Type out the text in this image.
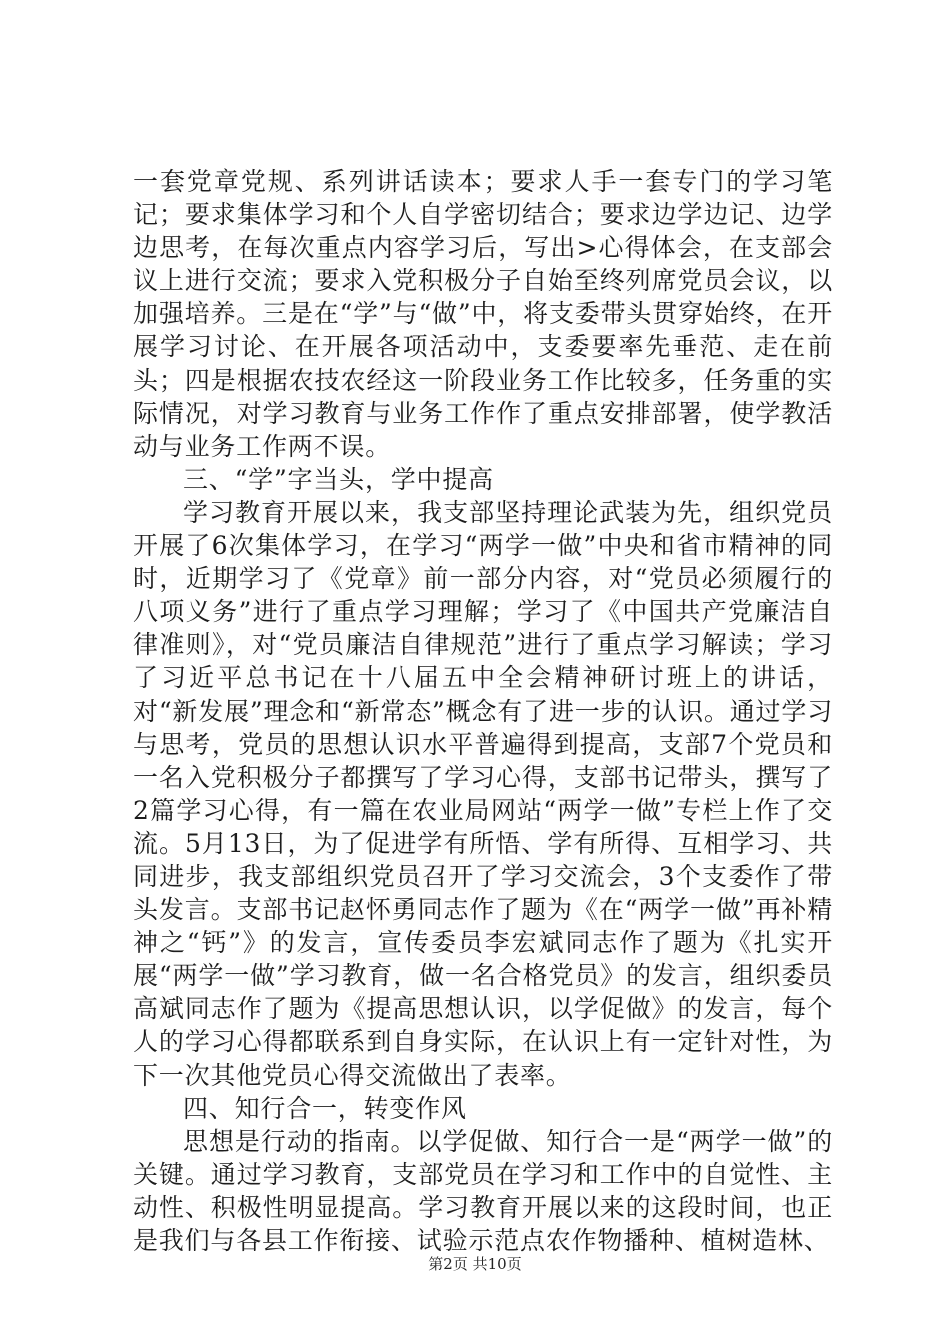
一套党章党规、系列讲话读本；要求人手一套专门的学习笔记；要求集体学习和个人自学密切结合；要求边学边记、边学边思考，在每次重点内容学习后，写出>心得体会，在支部会议上进行交流；要求入党积极分子自始至终列席党员会议，以加强培养。三是在“学”与“做”中，将支委带头贯穿始终，在开展学习讨论、在开展各项活动中，支委要率先垂范、走在前头；四是根据农技农经这一阶段业务工作比较多，任务重的实际情况，对学习教育与业务工作作了重点安排部署，使学教活动与业务工作两不误。

三、“学”字当头，学中提高

学习教育开展以来，我支部坚持理论武装为先，组织党员开展了6次集体学习，在学习“两学一做”中央和省市精神的同时，近期学习了《党章》前一部分内容，对“党员必须履行的八项义务”进行了重点学习理解；学习了《中国共产党廉洁自律准则》，对“党员廉洁自律规范”进行了重点学习解读；学习了习近平总书记在十八届五中全会精神研讨班上的讲话，对“新发展”理念和“新常态”概念有了进一步的认识。通过学习与思考，党员的思想认识水平普遍得到提高，支部7个党员和一名入党积极分子都撰写了学习心得，支部书记带头，撰写了2篇学习心得，有一篇在农业局网站“两学一做”专栏上作了交流。5月13日，为了促进学有所悟、学有所得、互相学习、共同进步，我支部组织党员召开了学习交流会，3个支委作了带头发言。支部书记赵怀勇同志作了题为《在“两学一做”再补精神之“钙”》的发言，宣传委员李宏斌同志作了题为《扎实开展“两学一做”学习教育，做一名合格党员》的发言，组织委员高斌同志作了题为《提高思想认识，以学促做》的发言，每个人的学习心得都联系到自身实际，在认识上有一定针对性，为下一次其他党员心得交流做出了表率。

四、知行合一，转变作风

思想是行动的指南。以学促做、知行合一是“两学一做”的关键。通过学习教育，支部党员在学习和工作中的自觉性、主动性、积极性明显提高。学习教育开展以来的这段时间，也正是我们与各县工作衔接、试验示范点农作物播种、植树造林、

第2页 共10页
